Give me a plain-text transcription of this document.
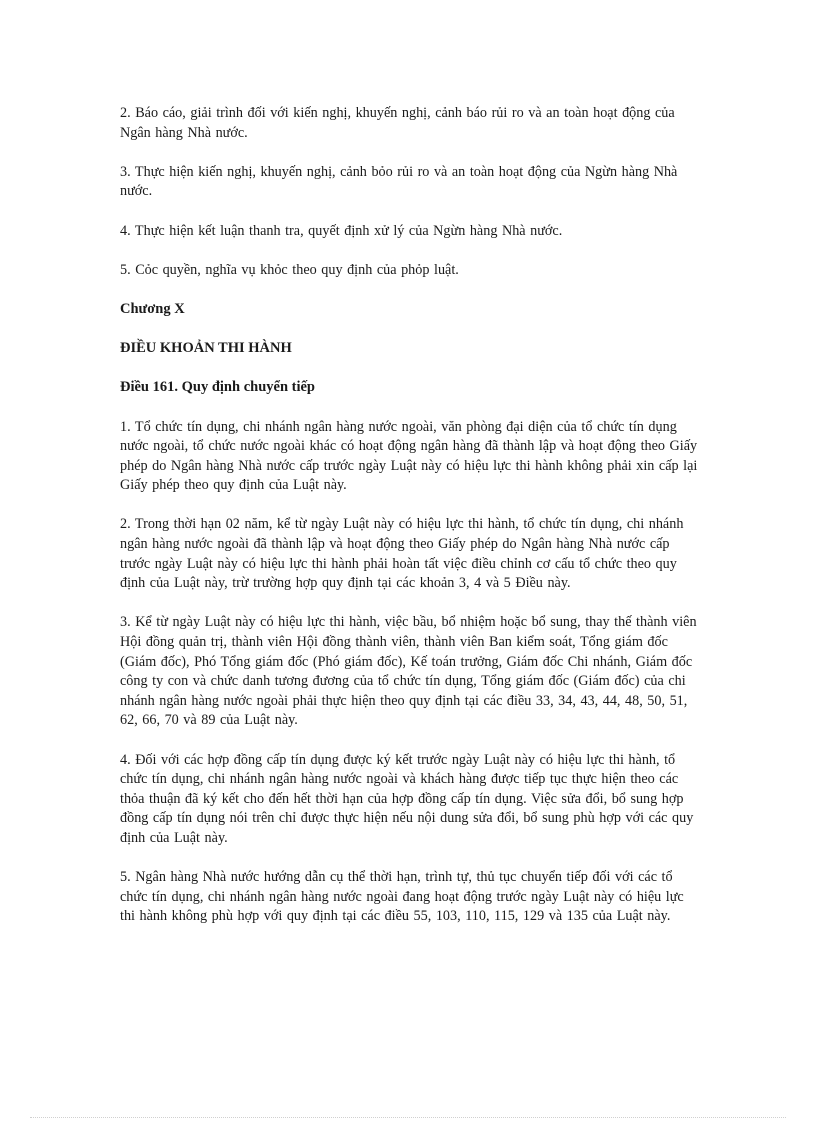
2. Báo cáo, giải trình đối với kiến nghị, khuyến nghị, cảnh báo rủi ro và an toàn hoạt động của Ngân hàng Nhà nước.

3. Thực hiện kiến nghị, khuyến nghị, cảnh bỏo rủi ro và an toàn hoạt động của Ngừn hàng Nhà nước.

4. Thực hiện kết luận thanh tra, quyết định xử lý của Ngừn hàng Nhà nước.

5. Cỏc quyền, nghĩa vụ khỏc theo quy định của phỏp luật.

Chương X

ĐIỀU KHOẢN THI HÀNH

Điều 161. Quy định chuyển tiếp

1. Tổ chức tín dụng, chi nhánh ngân hàng nước ngoài, văn phòng đại diện của tổ chức tín dụng nước ngoài, tổ chức nước ngoài khác có hoạt động ngân hàng đã thành lập và hoạt động theo Giấy phép do Ngân hàng Nhà nước cấp trước ngày Luật này có hiệu lực thi hành không phải xin cấp lại Giấy phép theo quy định của Luật này.

2. Trong thời hạn 02 năm, kể từ ngày Luật này có hiệu lực thi hành, tổ chức tín dụng, chi nhánh ngân hàng nước ngoài đã thành lập và hoạt động theo Giấy phép do Ngân hàng Nhà nước cấp trước ngày Luật này có hiệu lực thi hành phải hoàn tất việc điều chỉnh cơ cấu tổ chức theo quy định của Luật này, trừ trường hợp quy định tại các khoản 3, 4 và 5 Điều này.

3. Kể từ ngày Luật này có hiệu lực thi hành, việc bầu, bổ nhiệm hoặc bổ sung, thay thế thành viên Hội đồng quản trị, thành viên Hội đồng thành viên, thành viên Ban kiểm soát, Tổng giám đốc (Giám đốc), Phó Tổng giám đốc (Phó giám đốc), Kế toán trưởng, Giám đốc Chi nhánh, Giám đốc công ty con và chức danh tương đương của tổ chức tín dụng, Tổng giám đốc (Giám đốc) của chi nhánh ngân hàng nước ngoài phải thực hiện theo quy định tại các điều 33, 34, 43, 44, 48, 50, 51, 62, 66, 70 và 89 của Luật này.

4. Đối với các hợp đồng cấp tín dụng được ký kết trước ngày Luật này có hiệu lực thi hành, tổ chức tín dụng, chi nhánh ngân hàng nước ngoài và khách hàng được tiếp tục thực hiện theo các thỏa thuận đã ký kết cho đến hết thời hạn của hợp đồng cấp tín dụng. Việc sửa đổi, bổ sung hợp đồng cấp tín dụng nói trên chỉ được thực hiện nếu nội dung sửa đổi, bổ sung phù hợp với các quy định của Luật này.

5. Ngân hàng Nhà nước hướng dẫn cụ thể thời hạn, trình tự, thủ tục chuyển tiếp đối với các tổ chức tín dụng, chi nhánh ngân hàng nước ngoài đang hoạt động trước ngày Luật này có hiệu lực thi hành không phù hợp với quy định tại các điều 55, 103, 110, 115, 129 và 135 của Luật này.
